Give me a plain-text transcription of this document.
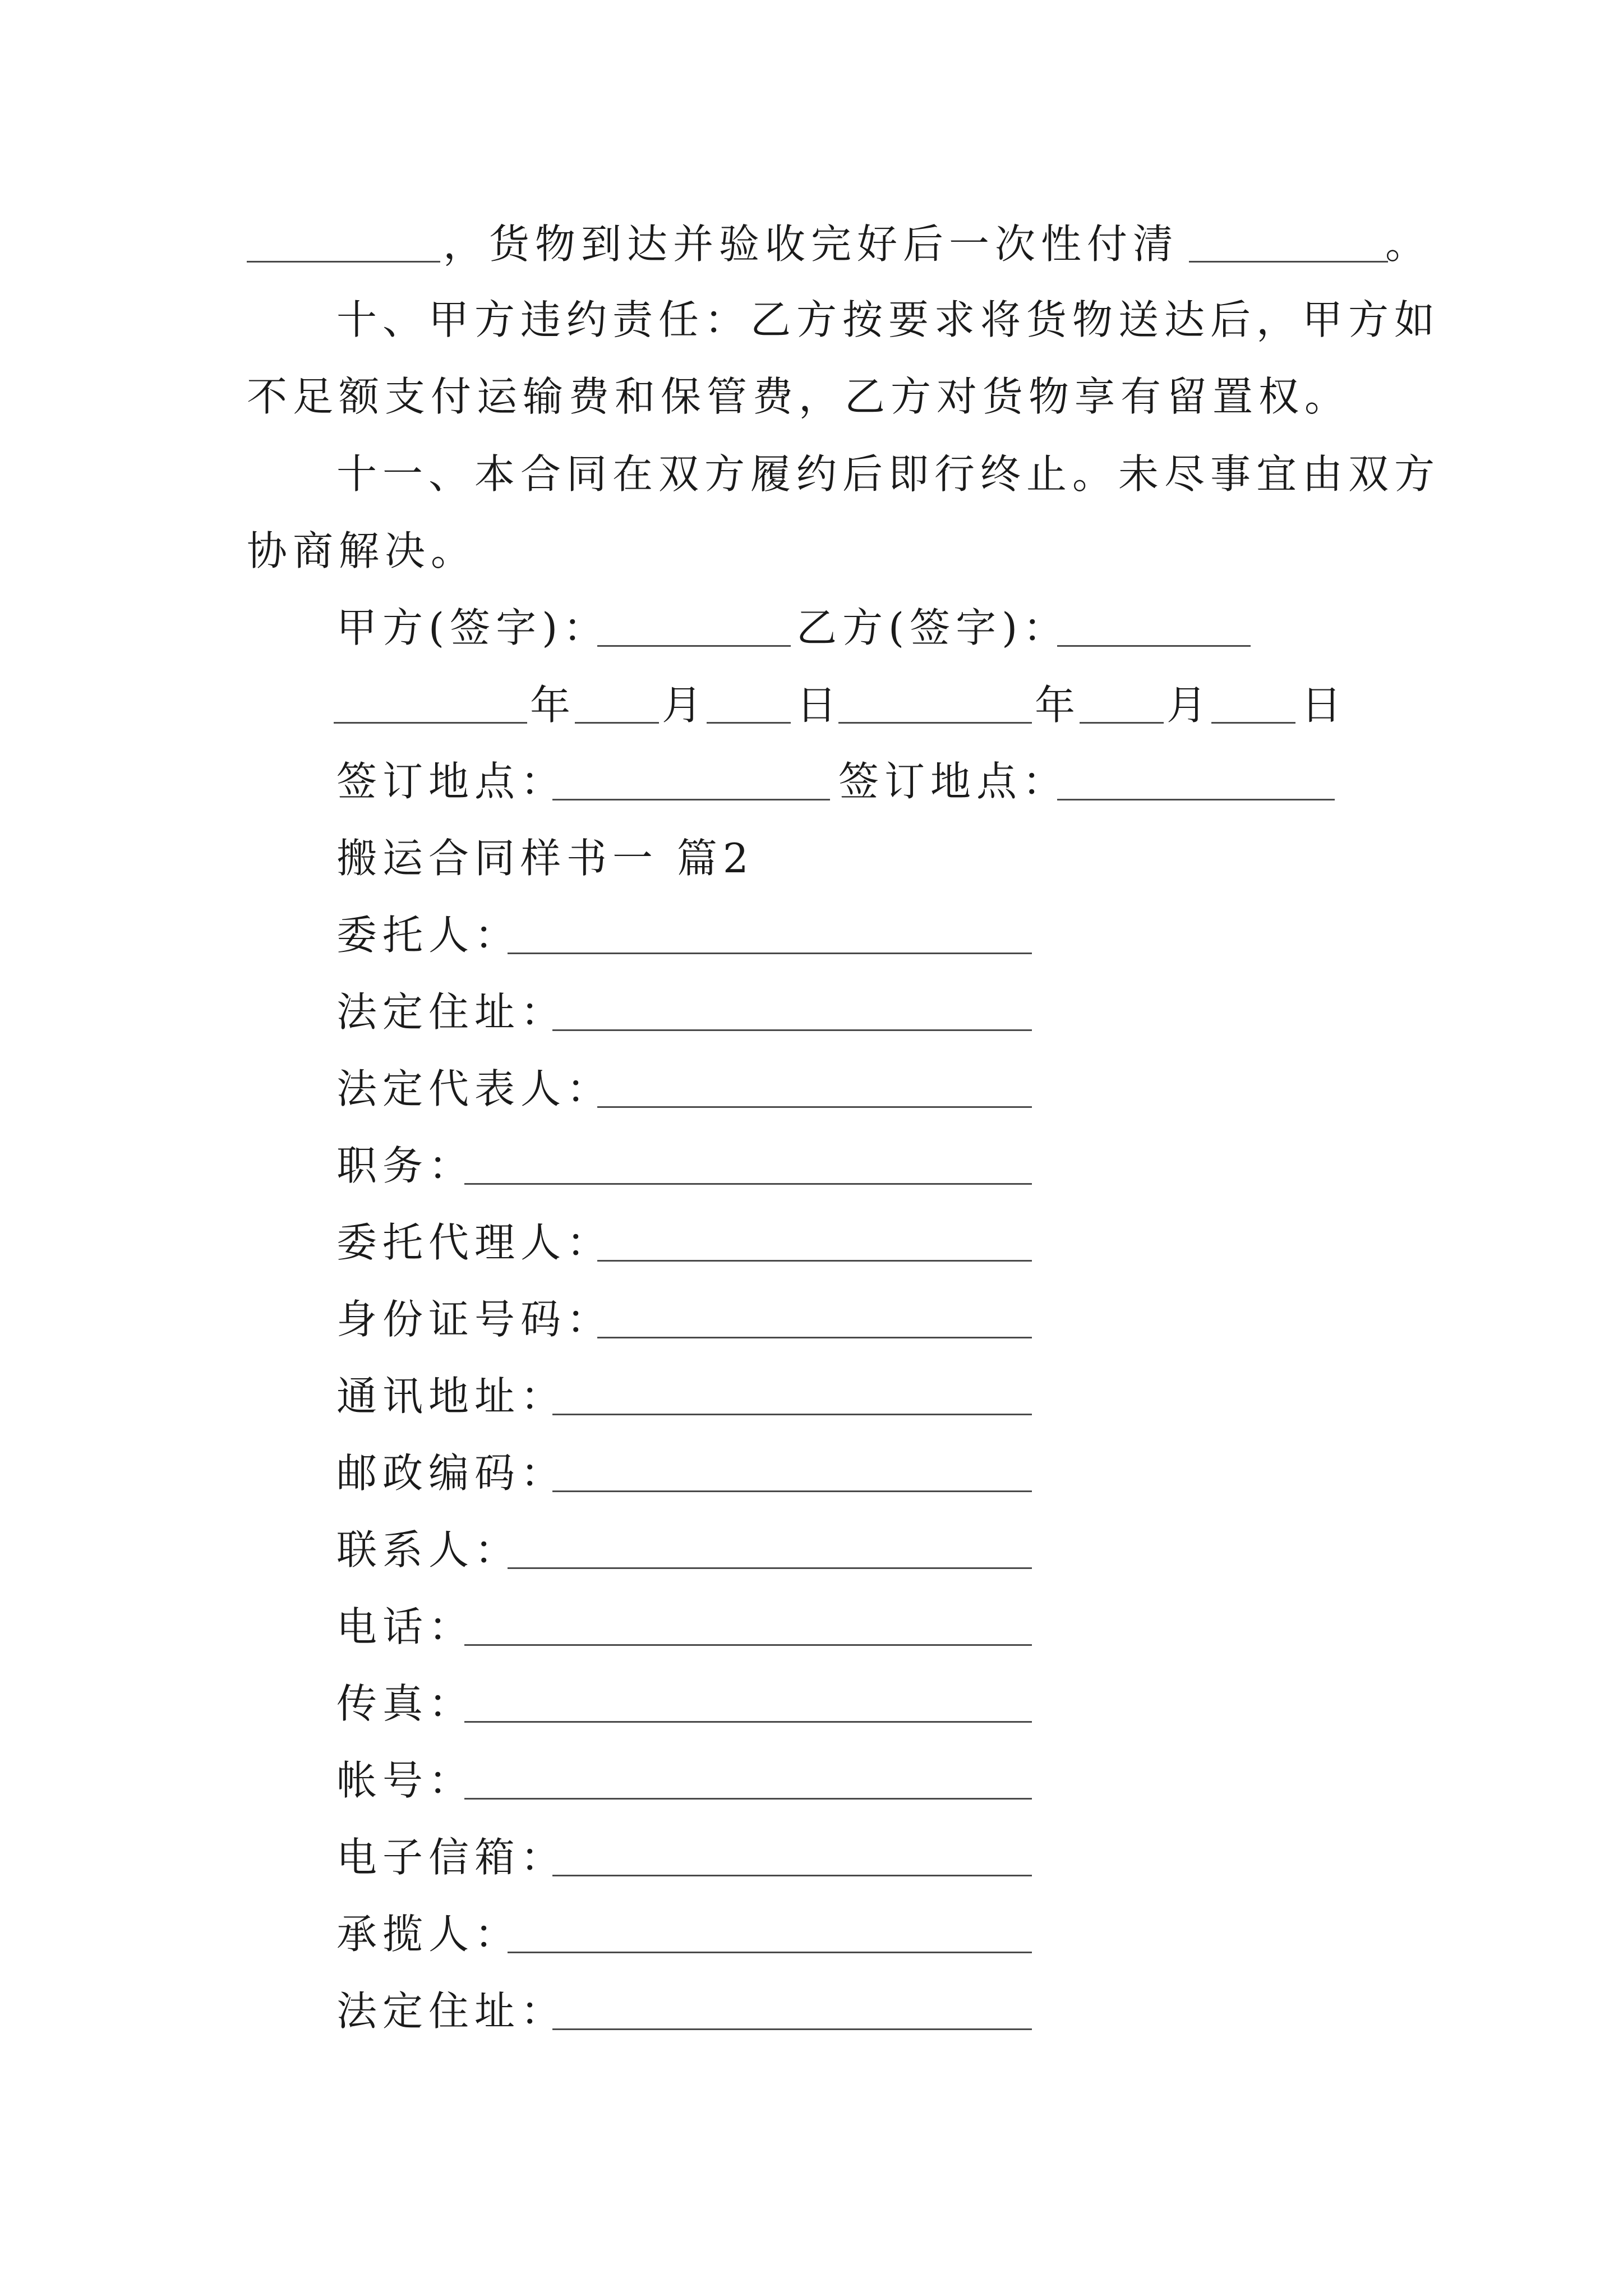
，货物到达并验收完好后一次性付清	。
十、甲方违约责任：乙方按要求将货物送达后，甲方如
不足额支付运输费和保管费，乙方对货物享有留置权。
十一、本合同在双方履约后即行终止。未尽事宜由双方
协商解决。
甲方(签字)：	乙方(签字)：
年 月 日	年 月 日
签订地点：	签订地点：
搬运合同样书一 篇2
委托人：
法定住址：
法定代表人：
职务：
委托代理人：
身份证号码：
通讯地址：
邮政编码：
联系人：
电话：
传真：
帐号：
电子信箱：
承揽人：
法定住址：
